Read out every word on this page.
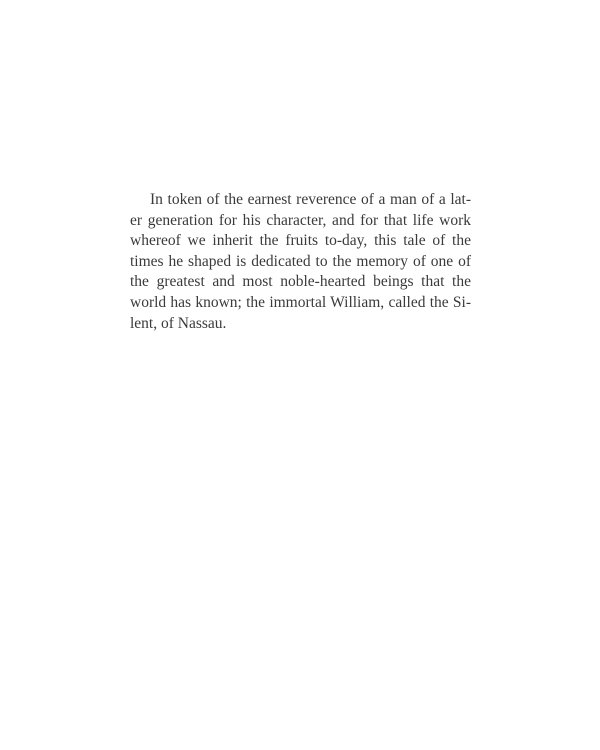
In token of the earnest reverence of a man of a lat-
er generation for his character, and for that life work
whereof we inherit the fruits to-day, this tale of the
times he shaped is dedicated to the memory of one of
the greatest and most noble-hearted beings that the
world has known; the immortal William, called the Si-
lent, of Nassau.
